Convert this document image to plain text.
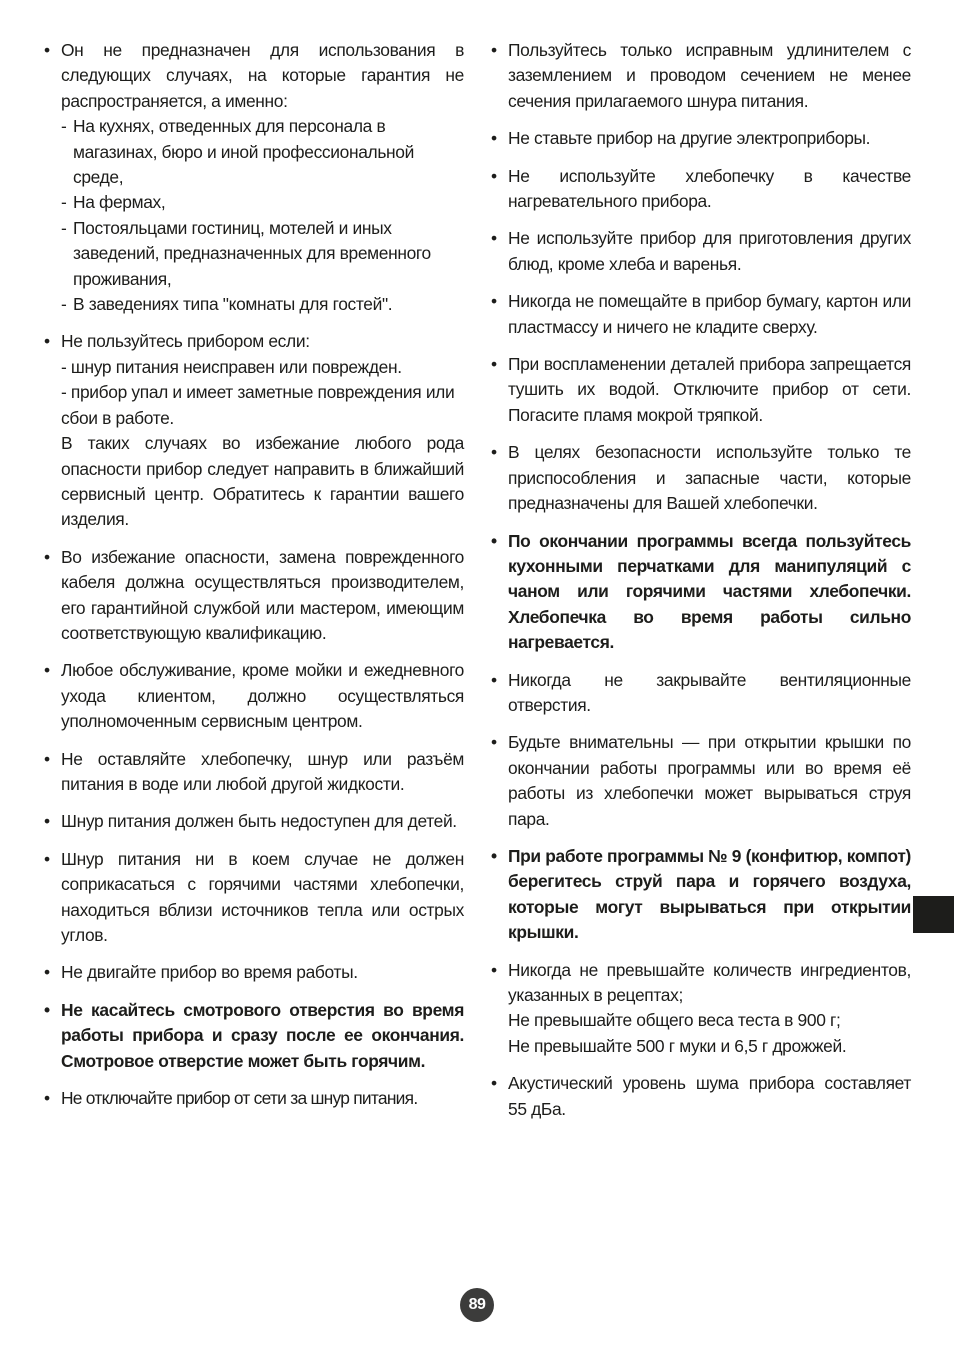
• Он не предназначен для использования в следующих случаях, на которые гарантия не распространяется, а именно:
- На кухнях, отведенных для персонала в магазинах, бюро и иной профессиональной среде,
- На фермах,
- Постояльцами гостиниц, мотелей и иных заведений, предназначенных для временного проживания,
- В заведениях типа "комнаты для гостей".
• Не пользуйтесь прибором если:
- шнур питания неисправен или поврежден.
- прибор упал и имеет заметные повреждения или сбои в работе.
В таких случаях во избежание любого рода опасности прибор следует направить в ближайший сервисный центр. Обратитесь к гарантии вашего изделия.
• Во избежание опасности, замена поврежденного кабеля должна осуществляться производителем, его гарантийной службой или мастером, имеющим соответствующую квалификацию.
• Любое обслуживание, кроме мойки и ежедневного ухода клиентом, должно осуществляться уполномоченным сервисным центром.
• Не оставляйте хлебопечку, шнур или разъём питания в воде или любой другой жидкости.
• Шнур питания должен быть недоступен для детей.
• Шнур питания ни в коем случае не должен соприкасаться с горячими частями хлебопечки, находиться вблизи источников тепла или острых углов.
• Не двигайте прибор во время работы.
• Не касайтесь смотрового отверстия во время работы прибора и сразу после ее окончания. Смотровое отверстие может быть горячим.
• Не отключайте прибор от сети за шнур питания.
• Пользуйтесь только исправным удлинителем с заземлением и проводом сечением не менее сечения прилагаемого шнура питания.
• Не ставьте прибор на другие электроприборы.
• Не используйте хлебопечку в качестве нагревательного прибора.
• Не используйте прибор для приготовления других блюд, кроме хлеба и варенья.
• Никогда не помещайте в прибор бумагу, картон или пластмассу и ничего не кладите сверху.
• При воспламенении деталей прибора запрещается тушить их водой. Отключите прибор от сети. Погасите пламя мокрой тряпкой.
• В целях безопасности используйте только те приспособления и запасные части, которые предназначены для Вашей хлебопечки.
• По окончании программы всегда пользуйтесь кухонными перчатками для манипуляций с чаном или горячими частями хлебопечки. Хлебопечка во время работы сильно нагревается.
• Никогда не закрывайте вентиляционные отверстия.
• Будьте внимательны — при открытии крышки по окончании работы программы или во время её работы из хлебопечки может вырываться струя пара.
• При работе программы № 9 (конфитюр, компот) берегитесь струй пара и горячего воздуха, которые могут вырываться при открытии крышки.
• Никогда не превышайте количеств ингредиентов, указанных в рецептах;
Не превышайте общего веса теста в 900 г;
Не превышайте 500 г муки и 6,5 г дрожжей.
• Акустический уровень шума прибора составляет 55 дБа.
89
